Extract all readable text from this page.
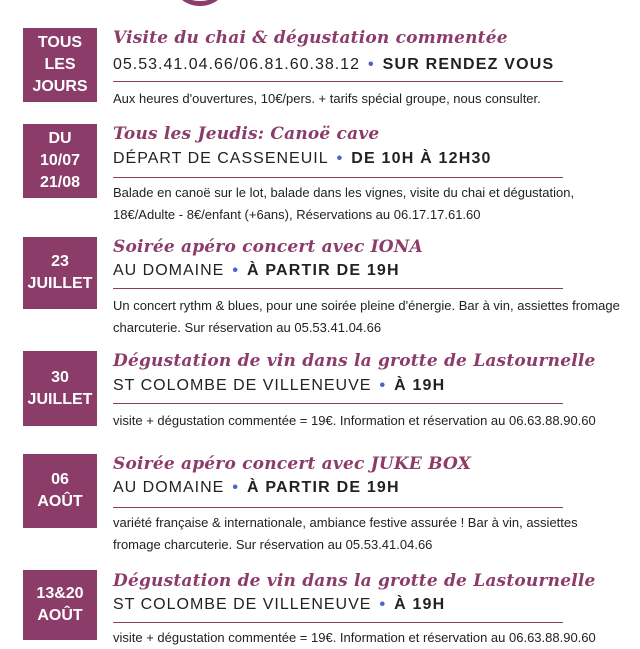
TOUS LES
JOURS
Visite du chai & dégustation commentée
05.53.41.04.66/06.81.60.38.12 • SUR RENDEZ VOUS
Aux heures d'ouvertures, 10€/pers. + tarifs spécial groupe, nous consulter.
DU
10/07
21/08
Tous les Jeudis: Canoë cave
DÉPART DE CASSENEUIL • DE 10H À 12H30
Balade en canoë sur le lot, balade dans les vignes, visite du chai et dégustation, 18€/Adulte - 8€/enfant (+6ans), Réservations au 06.17.17.61.60
23
JUILLET
Soirée apéro concert avec IONA
AU DOMAINE • À PARTIR DE 19H
Un concert rythm & blues, pour une soirée pleine d'énergie. Bar à vin, assiettes fromage charcuterie. Sur réservation au 05.53.41.04.66
30
JUILLET
Dégustation de vin dans la grotte de Lastournelle
ST COLOMBE DE VILLENEUVE • À 19H
visite + dégustation commentée = 19€. Information et réservation au 06.63.88.90.60
06
AOÛT
Soirée apéro concert avec JUKE BOX
AU DOMAINE • À PARTIR DE 19H
variété française & internationale, ambiance festive assurée ! Bar à vin, assiettes fromage charcuterie. Sur réservation au 05.53.41.04.66
13&20
AOÛT
Dégustation de vin dans la grotte de Lastournelle
ST COLOMBE DE VILLENEUVE • À 19H
visite + dégustation commentée = 19€. Information et réservation au 06.63.88.90.60
